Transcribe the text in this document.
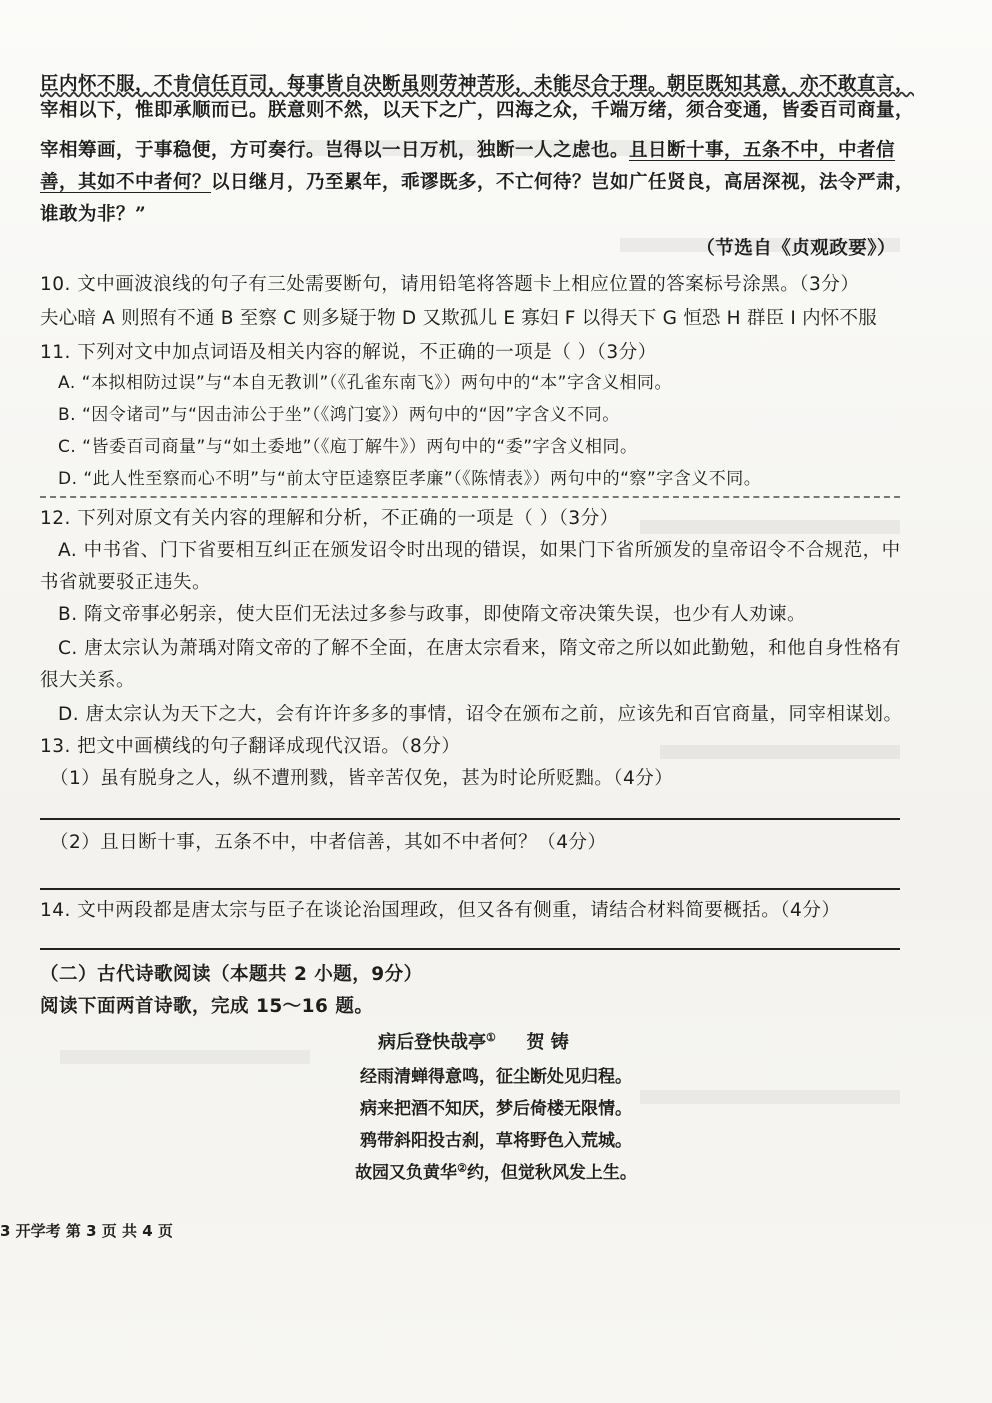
臣内怀不服，不肯信任百司，每事皆自决断虽则劳神苦形，未能尽合于理。朝臣既知其意，亦不敢直言，
宰相以下，惟即承顺而已。朕意则不然，以天下之广，四海之众，千端万绪，须合变通，皆委百司商量，
宰相筹画，于事稳便，方可奏行。岂得以一日万机，独断一人之虑也。且日断十事，五条不中，中者信
善，其如不中者何？以日继月，乃至累年，乖谬既多，不亡何待？岂如广任贤良，高居深视，法令严肃，
谁敢为非？”
（节选自《贞观政要》）
10. 文中画波浪线的句子有三处需要断句，请用铅笔将答题卡上相应位置的答案标号涂黑。（3分）
夫心暗 A 则照有不通 B 至察 C 则多疑于物 D 又欺孤儿 E 寡妇 F 以得天下 G 恒恐 H 群臣 I 内怀不服
11. 下列对文中加点词语及相关内容的解说，不正确的一项是（ ）（3分）
A. “本拟相防过误”与“本自无教训”（《孔雀东南飞》）两句中的“本”字含义相同。
B. “因令诸司”与“因击沛公于坐”（《鸿门宴》）两句中的“因”字含义不同。
C. “皆委百司商量”与“如土委地”（《庖丁解牛》）两句中的“委”字含义相同。
D. “此人性至察而心不明”与“前太守臣逵察臣孝廉”（《陈情表》）两句中的“察”字含义不同。
12. 下列对原文有关内容的理解和分析，不正确的一项是（ ）（3分）
A. 中书省、门下省要相互纠正在颁发诏令时出现的错误，如果门下省所颁发的皇帝诏令不合规范，中
书省就要驳正违失。
B. 隋文帝事必躬亲，使大臣们无法过多参与政事，即使隋文帝决策失误，也少有人劝谏。
C. 唐太宗认为萧瑀对隋文帝的了解不全面，在唐太宗看来，隋文帝之所以如此勤勉，和他自身性格有
很大关系。
D. 唐太宗认为天下之大，会有许许多多的事情，诏令在颁布之前，应该先和百官商量，同宰相谋划。
13. 把文中画横线的句子翻译成现代汉语。（8分）
（1）虽有脱身之人，纵不遭刑戮，皆辛苦仅免，甚为时论所贬黜。（4分）
（2）且日断十事，五条不中，中者信善，其如不中者何？（4分）
14. 文中两段都是唐太宗与臣子在谈论治国理政，但又各有侧重，请结合材料简要概括。（4分）
（二）古代诗歌阅读（本题共 2 小题，9分）
阅读下面两首诗歌，完成 15～16 题。
病后登快哉亭① 贺 铸
经雨清蝉得意鸣，征尘断处见归程。
病来把酒不知厌，梦后倚楼无限情。
鸦带斜阳投古刹，草将野色入荒城。
故园又负黄华②约，但觉秋风发上生。
3 开学考 第 3 页 共 4 页
